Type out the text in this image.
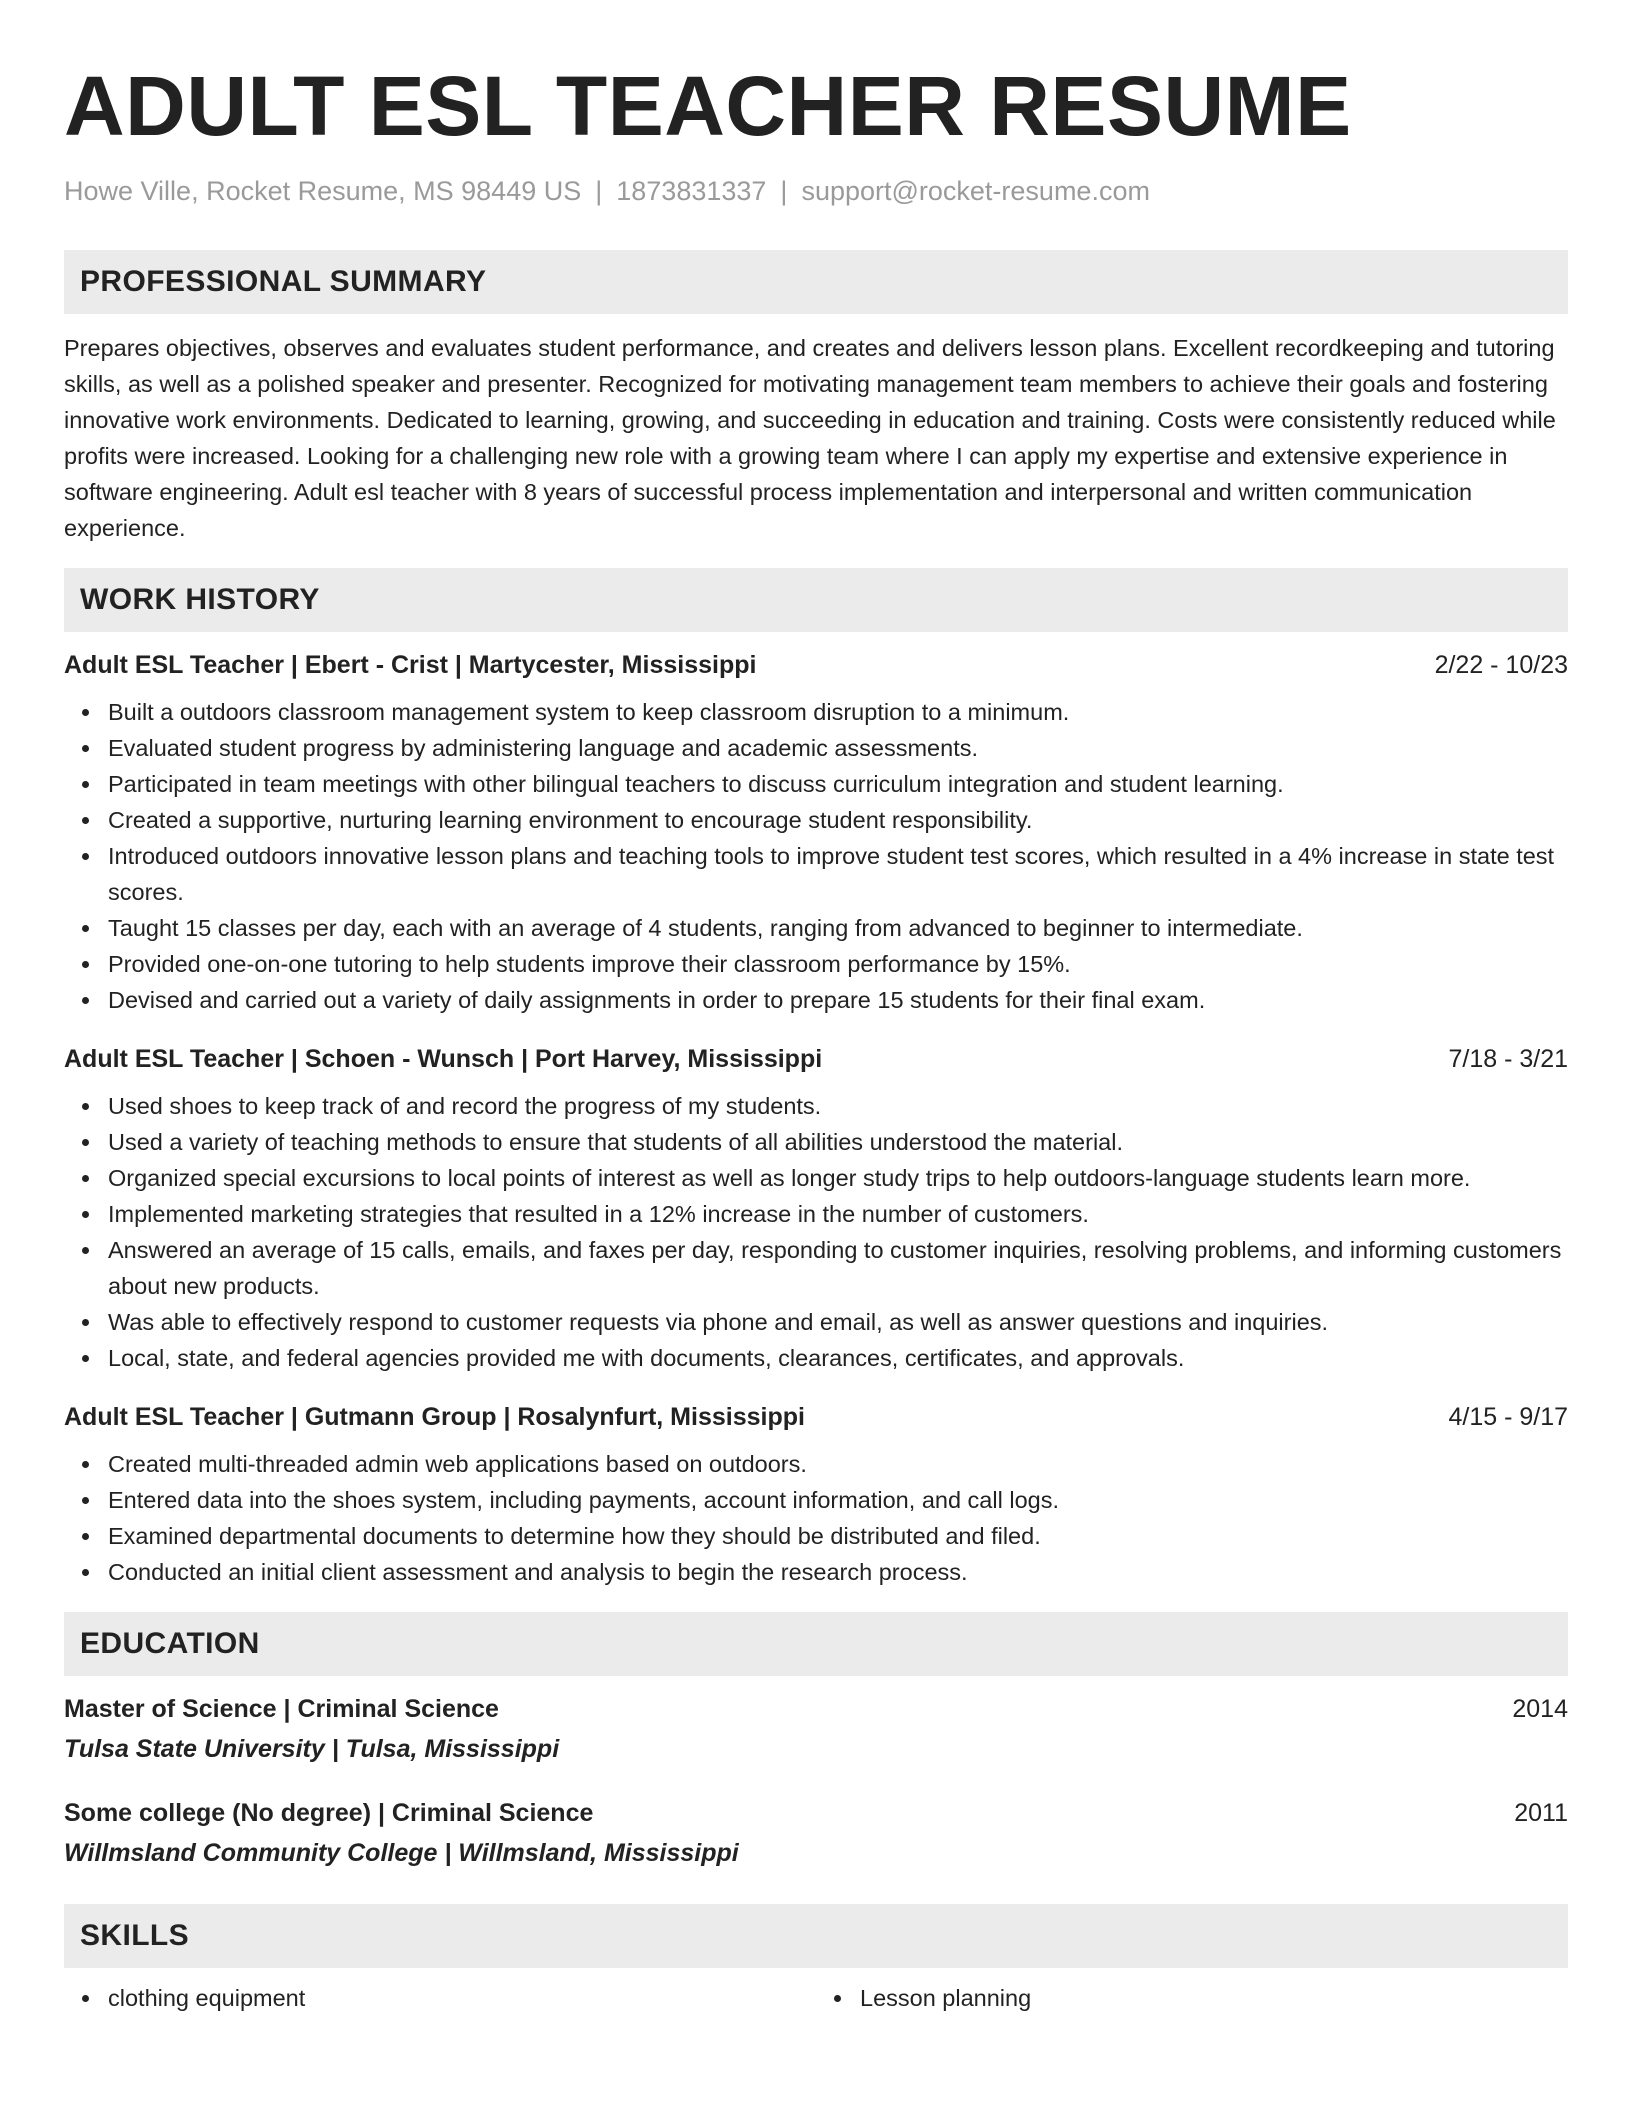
ADULT ESL TEACHER RESUME
Howe Ville, Rocket Resume, MS 98449 US | 1873831337 | support@rocket-resume.com
PROFESSIONAL SUMMARY

Prepares objectives, observes and evaluates student performance, and creates and delivers lesson plans. Excellent recordkeeping and tutoring skills, as well as a polished speaker and presenter. Recognized for motivating management team members to achieve their goals and fostering innovative work environments. Dedicated to learning, growing, and succeeding in education and training. Costs were consistently reduced while profits were increased. Looking for a challenging new role with a growing team where I can apply my expertise and extensive experience in software engineering. Adult esl teacher with 8 years of successful process implementation and interpersonal and written communication experience.

WORK HISTORY
Adult ESL Teacher | Ebert - Crist | Martycester, Mississippi	2/22 - 10/23
Built a outdoors classroom management system to keep classroom disruption to a minimum.
Evaluated student progress by administering language and academic assessments.
Participated in team meetings with other bilingual teachers to discuss curriculum integration and student learning.
Created a supportive, nurturing learning environment to encourage student responsibility.
Introduced outdoors innovative lesson plans and teaching tools to improve student test scores, which resulted in a 4% increase in state test scores.
Taught 15 classes per day, each with an average of 4 students, ranging from advanced to beginner to intermediate.
Provided one-on-one tutoring to help students improve their classroom performance by 15%.
Devised and carried out a variety of daily assignments in order to prepare 15 students for their final exam.
Adult ESL Teacher | Schoen - Wunsch | Port Harvey, Mississippi	7/18 - 3/21
Used shoes to keep track of and record the progress of my students.
Used a variety of teaching methods to ensure that students of all abilities understood the material.
Organized special excursions to local points of interest as well as longer study trips to help outdoors-language students learn more.
Implemented marketing strategies that resulted in a 12% increase in the number of customers.
Answered an average of 15 calls, emails, and faxes per day, responding to customer inquiries, resolving problems, and informing customers about new products.
Was able to effectively respond to customer requests via phone and email, as well as answer questions and inquiries.
Local, state, and federal agencies provided me with documents, clearances, certificates, and approvals.
Adult ESL Teacher | Gutmann Group | Rosalynfurt, Mississippi	4/15 - 9/17
Created multi-threaded admin web applications based on outdoors.
Entered data into the shoes system, including payments, account information, and call logs.
Examined departmental documents to determine how they should be distributed and filed.
Conducted an initial client assessment and analysis to begin the research process.
EDUCATION
Master of Science | Criminal Science	2014
Tulsa State University | Tulsa, Mississippi
Some college (No degree) | Criminal Science	2011
Willmsland Community College | Willmsland, Mississippi
SKILLS
clothing equipment	Lesson planning
